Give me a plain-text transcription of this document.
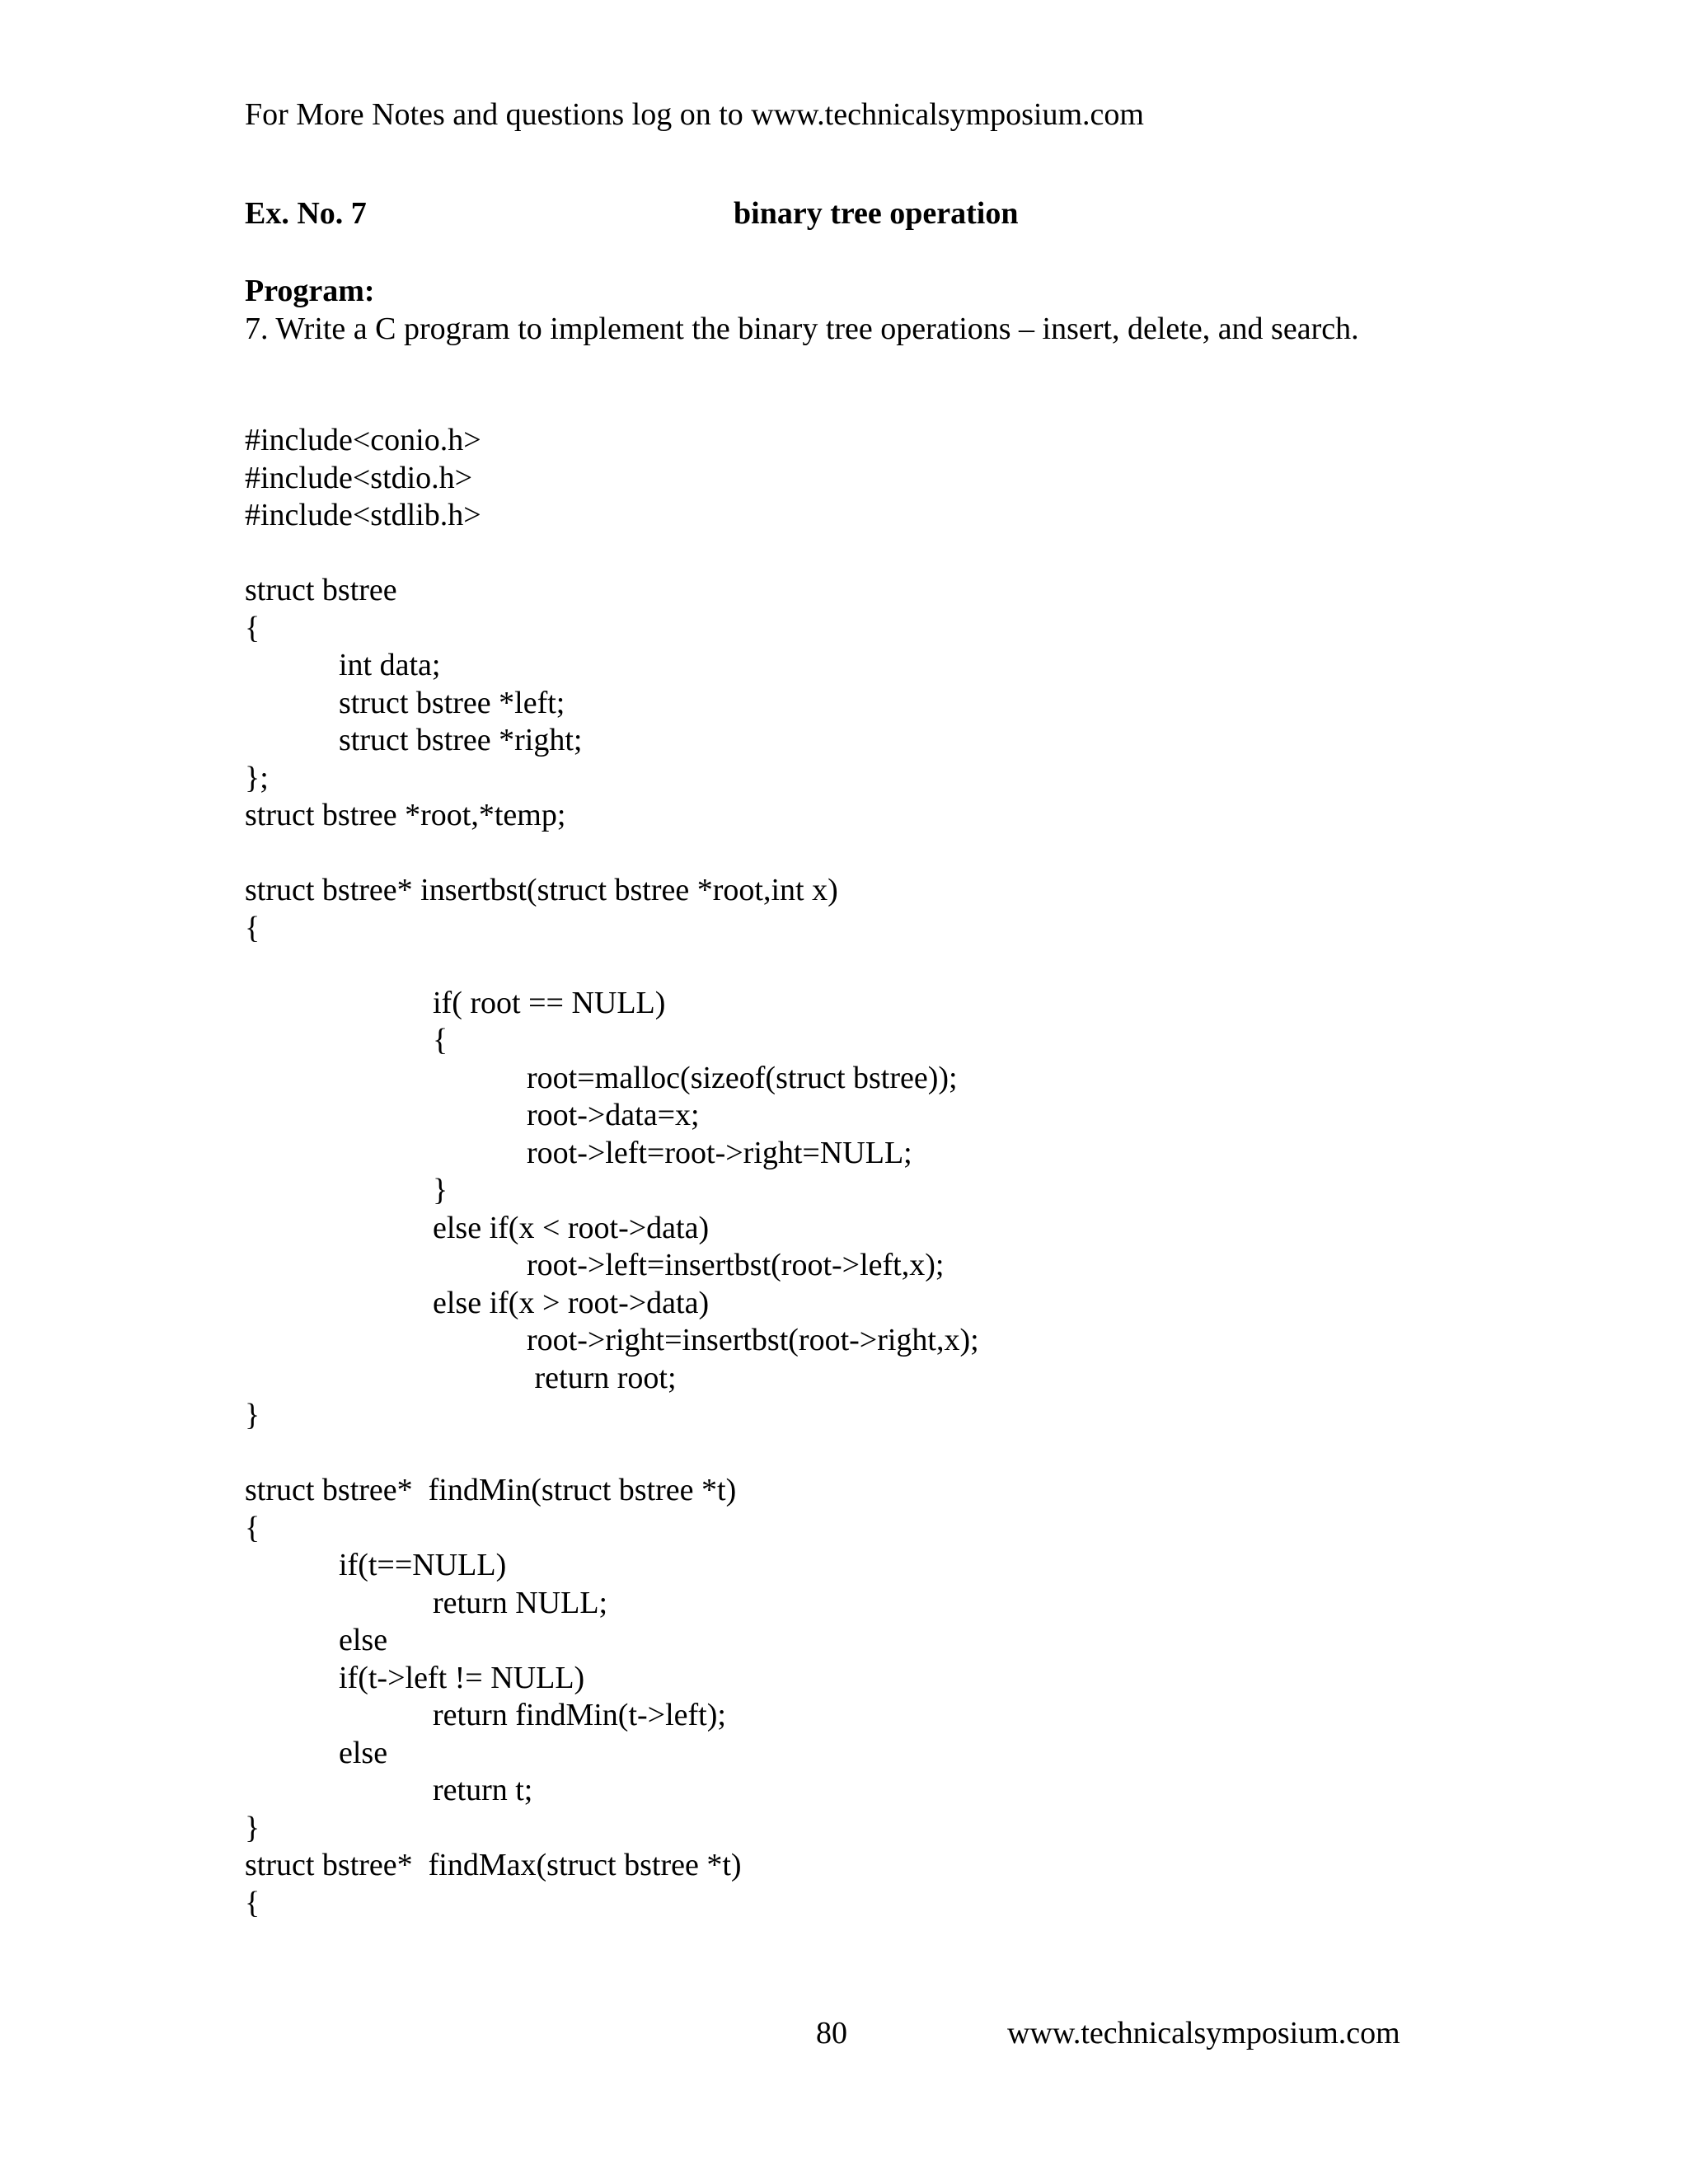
For More Notes and questions log on to www.technicalsymposium.com
Ex. No. 7	binary tree operation
Program:
7. Write a C program to implement the binary tree operations – insert, delete, and search.
#include<conio.h>
#include<stdio.h>
#include<stdlib.h>
struct bstree
{
int data;
struct bstree *left;
struct bstree *right;
};
struct bstree *root,*temp;
struct bstree* insertbst(struct bstree *root,int x)
{
if( root == NULL)
{
root=malloc(sizeof(struct bstree));
root->data=x;
root->left=root->right=NULL;
}
else if(x < root->data)
root->left=insertbst(root->left,x);
else if(x > root->data)
root->right=insertbst(root->right,x);
return root;
}
struct bstree*  findMin(struct bstree *t)
{
if(t==NULL)
return NULL;
else
if(t->left != NULL)
return findMin(t->left);
else
return t;
}
struct bstree*  findMax(struct bstree *t)
{
80	www.technicalsymposium.com
